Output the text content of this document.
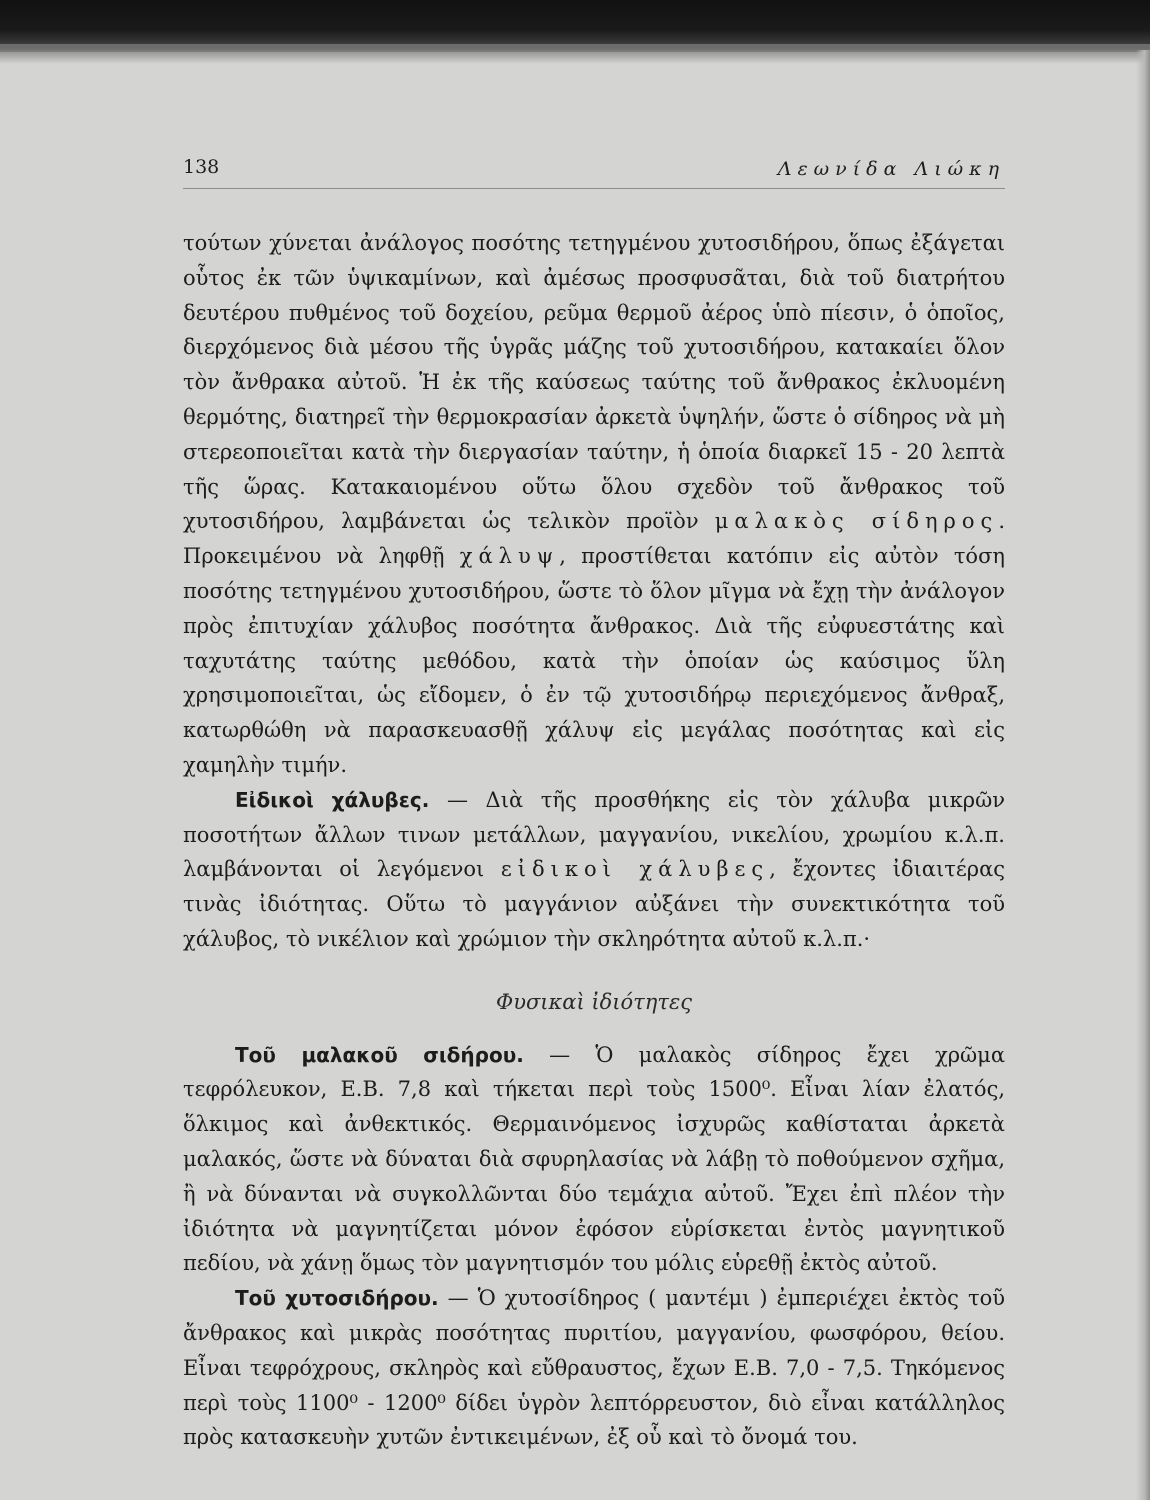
138	Λεωνίδα Λιώκη

τούτων χύνεται ἀνάλογος ποσότης τετηγμένου χυτοσιδήρου, ὅπως ἐξάγεται οὗτος ἐκ τῶν ὑψικαμίνων, καὶ ἀμέσως προσφυσᾶται, διὰ τοῦ διατρήτου δευτέρου πυθμένος τοῦ δοχείου, ρεῦμα θερμοῦ ἀέρος ὑπὸ πίεσιν, ὁ ὁποῖος, διερχόμενος διὰ μέσου τῆς ὑγρᾶς μάζης τοῦ χυτοσιδήρου, κατακαίει ὅλον τὸν ἄνθρακα αὐτοῦ. Ἡ ἐκ τῆς καύσεως ταύτης τοῦ ἄνθρακος ἐκλυομένη θερμότης, διατηρεῖ τὴν θερμοκρασίαν ἀρκετὰ ὑψηλήν, ὥστε ὁ σίδηρος νὰ μὴ στερεοποιεῖται κατὰ τὴν διεργασίαν ταύτην, ἡ ὁποία διαρκεῖ 15 - 20 λεπτὰ τῆς ὥρας. Κατακαιομένου οὕτω ὅλου σχεδὸν τοῦ ἄνθρακος τοῦ χυτοσιδήρου, λαμβάνεται ὡς τελικὸν προϊὸν μαλακὸς σίδηρος. Προκειμένου νὰ ληφθῇ χάλυψ, προστίθεται κατόπιν εἰς αὐτὸν τόση ποσότης τετηγμένου χυτοσιδήρου, ὥστε τὸ ὅλον μῖγμα νὰ ἔχῃ τὴν ἀνάλογον πρὸς ἐπιτυχίαν χάλυβος ποσότητα ἄνθρακος. Διὰ τῆς εὐφυεστάτης καὶ ταχυτάτης ταύτης μεθόδου, κατὰ τὴν ὁποίαν ὡς καύσιμος ὕλη χρησιμοποιεῖται, ὡς εἴδομεν, ὁ ἐν τῷ χυτοσιδήρῳ περιεχόμενος ἄνθραξ, κατωρθώθη νὰ παρασκευασθῇ χάλυψ εἰς μεγάλας ποσότητας καὶ εἰς χαμηλὴν τιμήν.

Εἰδικοὶ χάλυβες. — Διὰ τῆς προσθήκης εἰς τὸν χάλυβα μικρῶν ποσοτήτων ἄλλων τινων μετάλλων, μαγγανίου, νικελίου, χρωμίου κ.λ.π. λαμβάνονται οἱ λεγόμενοι εἰδικοὶ χάλυβες, ἔχοντες ἰδιαιτέρας τινὰς ἰδιότητας. Οὕτω τὸ μαγγάνιον αὐξάνει τὴν συνεκτικότητα τοῦ χάλυβος, τὸ νικέλιον καὶ χρώμιον τὴν σκληρότητα αὐτοῦ κ.λ.π.·

Φυσικαὶ ἰδιότητες

Τοῦ μαλακοῦ σιδήρου. — Ὁ μαλακὸς σίδηρος ἔχει χρῶμα τεφρόλευκον, Ε.Β. 7,8 καὶ τήκεται περὶ τοὺς 1500⁰. Εἶναι λίαν ἐλατός, ὅλκιμος καὶ ἀνθεκτικός. Θερμαινόμενος ἰσχυρῶς καθίσταται ἀρκετὰ μαλακός, ὥστε νὰ δύναται διὰ σφυρηλασίας νὰ λάβῃ τὸ ποθούμενον σχῆμα, ἢ νὰ δύνανται νὰ συγκολλῶνται δύο τεμάχια αὐτοῦ. Ἔχει ἐπὶ πλέον τὴν ἰδιότητα νὰ μαγνητίζεται μόνον ἐφόσον εὑρίσκεται ἐντὸς μαγνητικοῦ πεδίου, νὰ χάνῃ ὅμως τὸν μαγνητισμόν του μόλις εὑρεθῇ ἐκτὸς αὐτοῦ.

Τοῦ χυτοσιδήρου. — Ὁ χυτοσίδηρος ( μαντέμι ) ἐμπεριέχει ἐκτὸς τοῦ ἄνθρακος καὶ μικρὰς ποσότητας πυριτίου, μαγγανίου, φωσφόρου, θείου. Εἶναι τεφρόχρους, σκληρὸς καὶ εὔθραυστος, ἔχων Ε.Β. 7,0 - 7,5. Τηκόμενος περὶ τοὺς 1100⁰ - 1200⁰ δίδει ὑγρὸν λεπτόρρευστον, διὸ εἶναι κατάλληλος πρὸς κατασκευὴν χυτῶν ἐντικειμένων, ἐξ οὗ καὶ τὸ ὄνομά του.
